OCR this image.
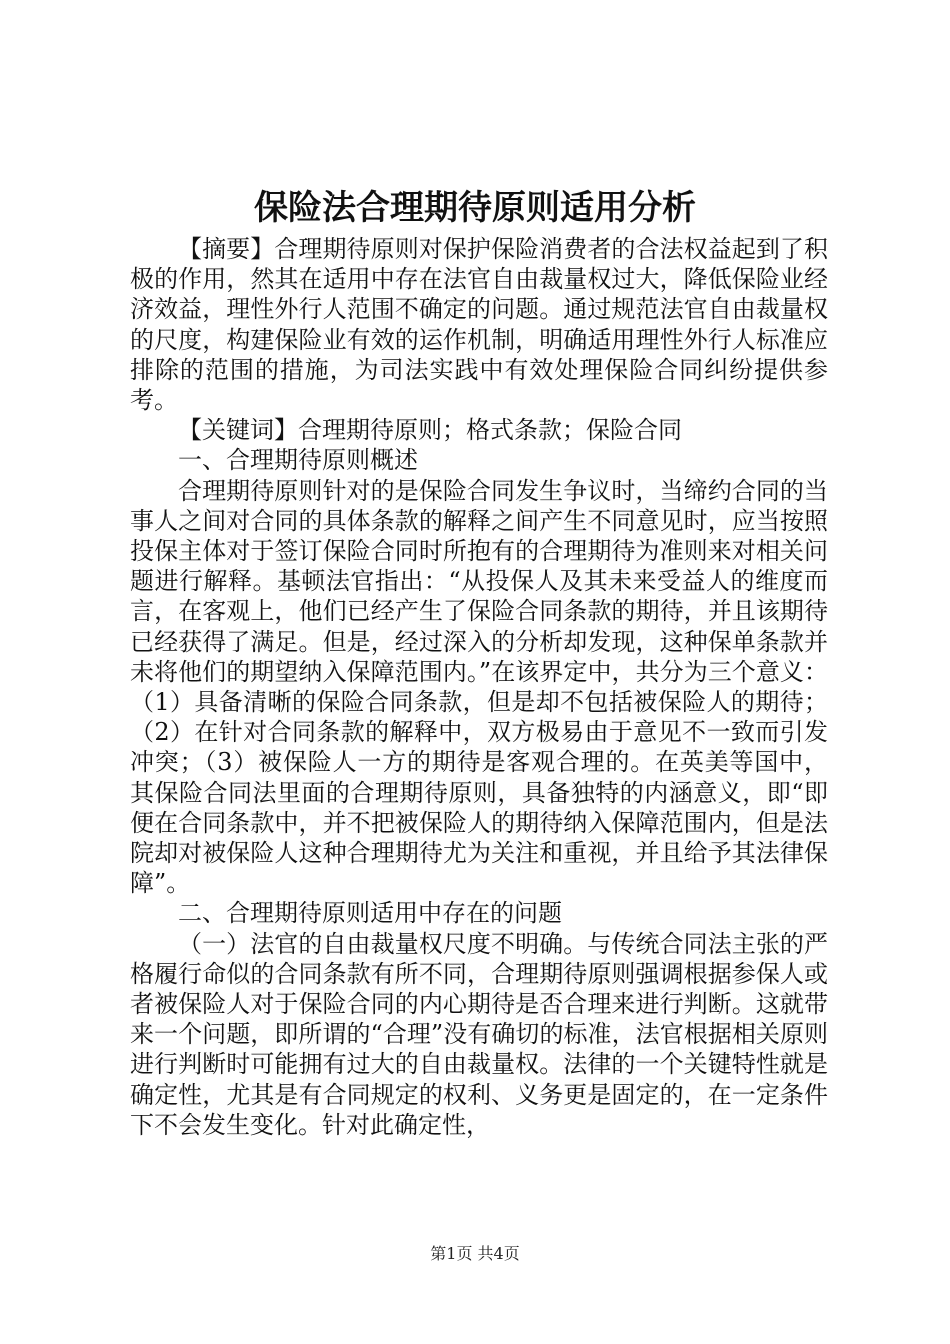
保险法合理期待原则适用分析

【摘要】合理期待原则对保护保险消费者的合法权益起到了积极的作用，然其在适用中存在法官自由裁量权过大，降低保险业经济效益，理性外行人范围不确定的问题。通过规范法官自由裁量权的尺度，构建保险业有效的运作机制，明确适用理性外行人标准应排除的范围的措施，为司法实践中有效处理保险合同纠纷提供参考。

【关键词】合理期待原则；格式条款；保险合同

一、合理期待原则概述

合理期待原则针对的是保险合同发生争议时，当缔约合同的当事人之间对合同的具体条款的解释之间产生不同意见时，应当按照投保主体对于签订保险合同时所抱有的合理期待为准则来对相关问题进行解释。基顿法官指出：“从投保人及其未来受益人的维度而言，在客观上，他们已经产生了保险合同条款的期待，并且该期待已经获得了满足。但是，经过深入的分析却发现，这种保单条款并未将他们的期望纳入保障范围内。”在该界定中，共分为三个意义：（1）具备清晰的保险合同条款，但是却不包括被保险人的期待；（2）在针对合同条款的解释中，双方极易由于意见不一致而引发冲突；（3）被保险人一方的期待是客观合理的。在英美等国中，其保险合同法里面的合理期待原则，具备独特的内涵意义，即“即便在合同条款中，并不把被保险人的期待纳入保障范围内，但是法院却对被保险人这种合理期待尤为关注和重视，并且给予其法律保障”。

二、合理期待原则适用中存在的问题

（一）法官的自由裁量权尺度不明确。与传统合同法主张的严格履行命似的合同条款有所不同，合理期待原则强调根据参保人或者被保险人对于保险合同的内心期待是否合理来进行判断。这就带来一个问题，即所谓的“合理”没有确切的标准，法官根据相关原则进行判断时可能拥有过大的自由裁量权。法律的一个关键特性就是确定性，尤其是有合同规定的权利、义务更是固定的，在一定条件下不会发生变化。针对此确定性，

第1页 共4页
